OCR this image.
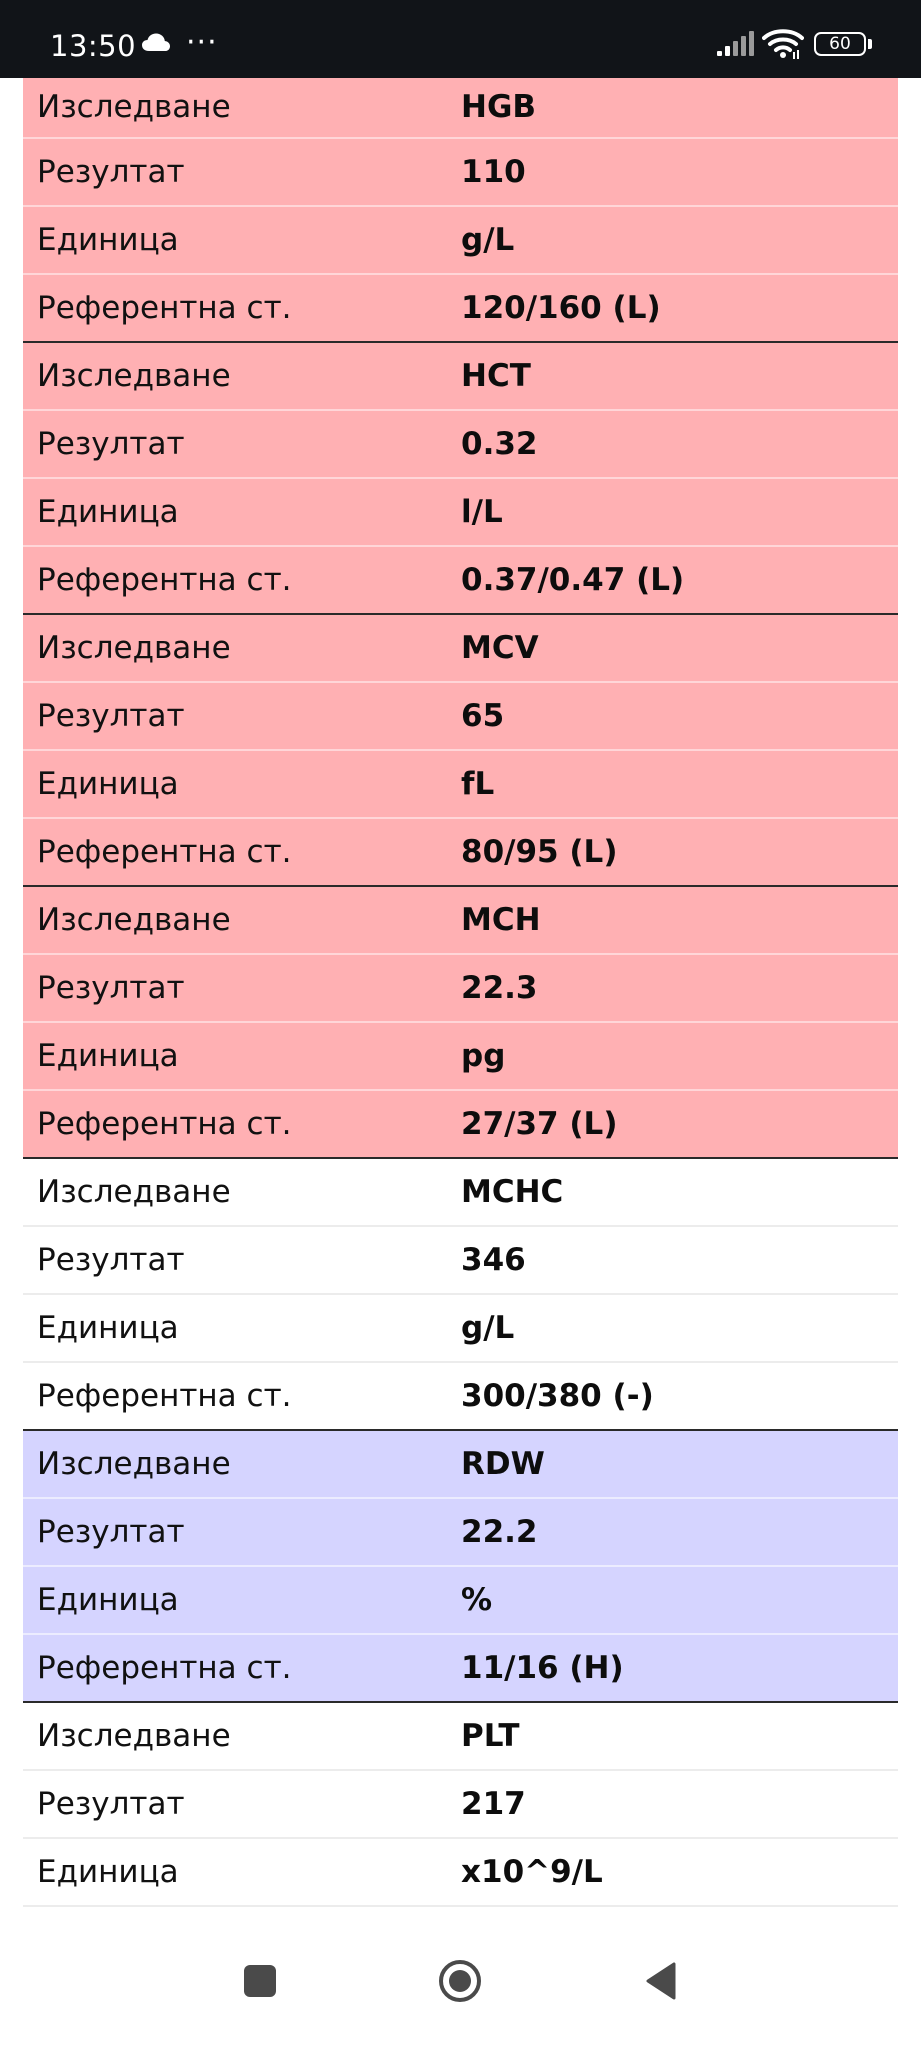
13:50 ···	60
Изследване	HGB
Резултат	110
Единица	g/L
Референтна ст.	120/160 (L)
Изследване	HCT
Резултат	0.32
Единица	l/L
Референтна ст.	0.37/0.47 (L)
Изследване	MCV
Резултат	65
Единица	fL
Референтна ст.	80/95 (L)
Изследване	MCH
Резултат	22.3
Единица	pg
Референтна ст.	27/37 (L)
Изследване	MCHC
Резултат	346
Единица	g/L
Референтна ст.	300/380 (-)
Изследване	RDW
Резултат	22.2
Единица	%
Референтна ст.	11/16 (H)
Изследване	PLT
Резултат	217
Единица	x10^9/L
